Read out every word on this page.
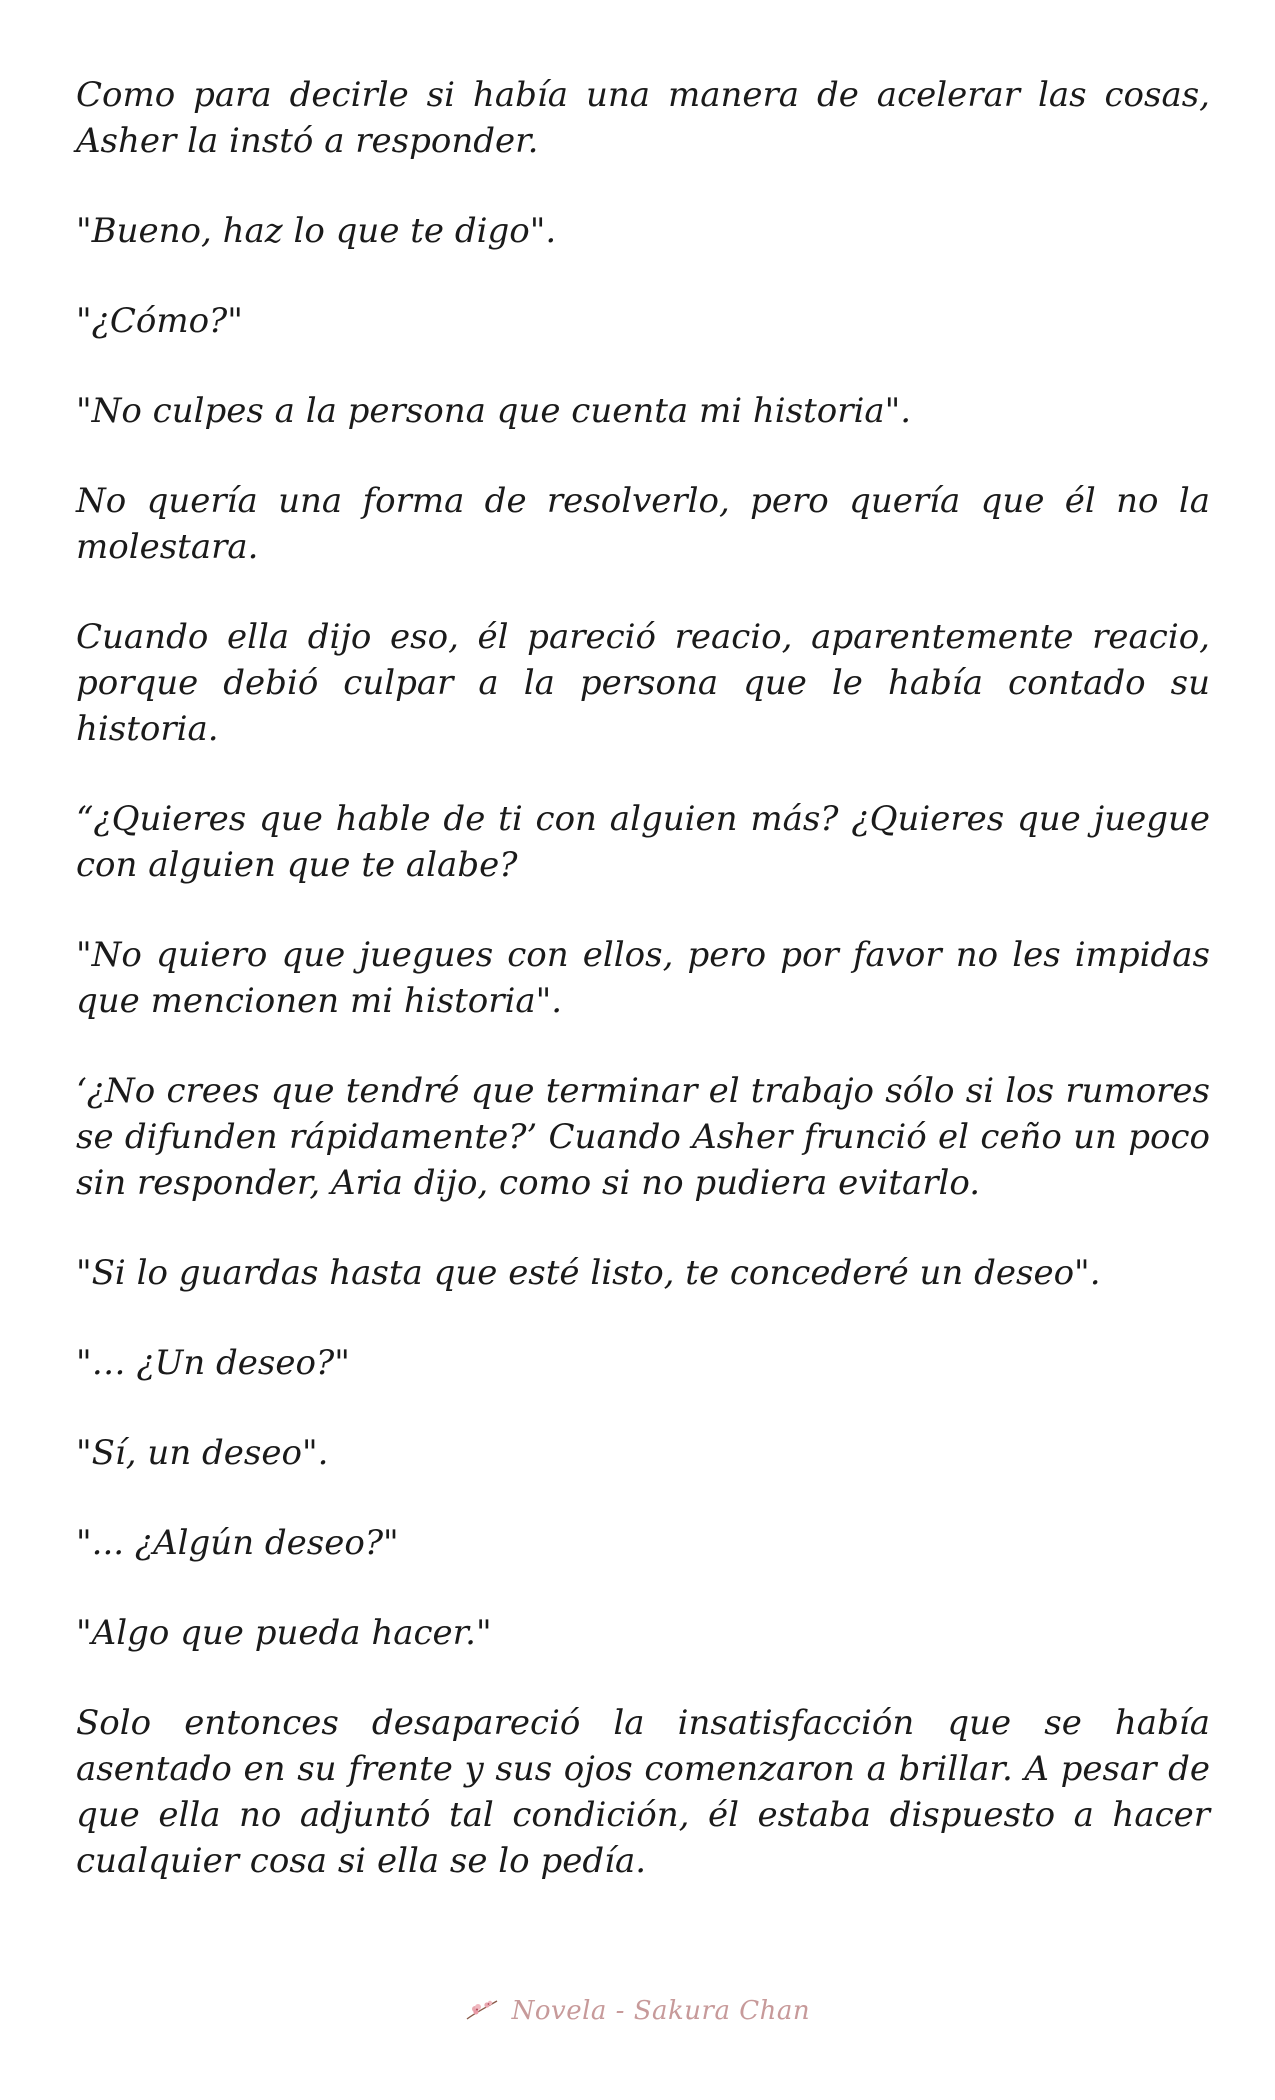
Como para decirle si había una manera de acelerar las cosas, Asher la instó a responder.

"Bueno, haz lo que te digo".

"¿Cómo?"

"No culpes a la persona que cuenta mi historia".

No quería una forma de resolverlo, pero quería que él no la molestara.

Cuando ella dijo eso, él pareció reacio, aparentemente reacio, porque debió culpar a la persona que le había contado su historia.

“¿Quieres que hable de ti con alguien más? ¿Quieres que juegue con alguien que te alabe?

"No quiero que juegues con ellos, pero por favor no les impidas que mencionen mi historia".

‘¿No crees que tendré que terminar el trabajo sólo si los rumores se difunden rápidamente?’ Cuando Asher frunció el ceño un poco sin responder, Aria dijo, como si no pudiera evitarlo.

"Si lo guardas hasta que esté listo, te concederé un deseo".

"… ¿Un deseo?"

"Sí, un deseo".

"... ¿Algún deseo?"

"Algo que pueda hacer."

Solo entonces desapareció la insatisfacción que se había asentado en su frente y sus ojos comenzaron a brillar. A pesar de que ella no adjuntó tal condición, él estaba dispuesto a hacer cualquier cosa si ella se lo pedía.

Novela - Sakura Chan
